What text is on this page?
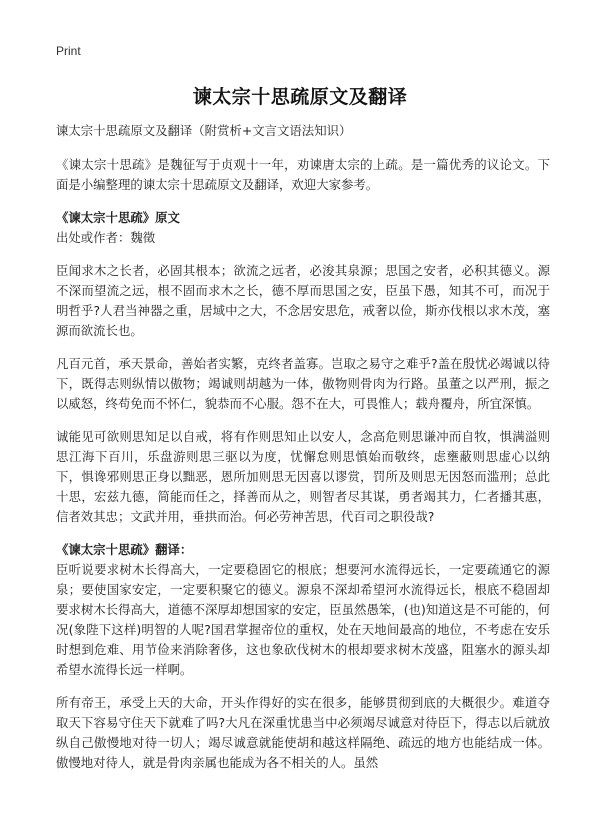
Print
谏太宗十思疏原文及翻译

谏太宗十思疏原文及翻译（附赏析+文言文语法知识）

《谏太宗十思疏》是魏征写于贞观十一年，劝谏唐太宗的上疏。是一篇优秀的议论文。下面是小编整理的谏太宗十思疏原文及翻译，欢迎大家参考。

《谏太宗十思疏》原文

出处或作者：魏徵

臣闻求木之长者，必固其根本；欲流之远者，必浚其泉源；思国之安者，必积其德义。源不深而望流之远，根不固而求木之长，德不厚而思国之安，臣虽下愚，知其不可，而况于明哲乎?人君当神器之重，居域中之大，不念居安思危，戒奢以俭，斯亦伐根以求木茂，塞源而欲流长也。

凡百元首，承天景命，善始者实繁，克终者盖寡。岂取之易守之难乎?盖在殷忧必竭诚以待下，既得志则纵情以傲物；竭诚则胡越为一体，傲物则骨肉为行路。虽董之以严刑，振之以威怒，终苟免而不怀仁，貌恭而不心服。怨不在大，可畏惟人；载舟覆舟，所宜深慎。

诚能见可欲则思知足以自戒，将有作则思知止以安人，念高危则思谦冲而自牧，惧满溢则思江海下百川，乐盘游则思三驱以为度，忧懈怠则思慎始而敬终，虑壅蔽则思虚心以纳下，惧谗邪则思正身以黜恶，恩所加则思无因喜以谬赏，罚所及则思无因怒而滥刑；总此十思，宏兹九德，简能而任之，择善而从之，则智者尽其谋，勇者竭其力，仁者播其惠，信者效其忠；文武并用，垂拱而治。何必劳神苦思，代百司之职役哉?

《谏太宗十思疏》翻译：

臣听说要求树木长得高大，一定要稳固它的根底；想要河水流得远长，一定要疏通它的源泉；要使国家安定，一定要积聚它的德义。源泉不深却希望河水流得远长，根底不稳固却要求树木长得高大，道德不深厚却想国家的安定，臣虽然愚笨，(也)知道这是不可能的，何况(象陛下这样)明智的人呢?国君掌握帝位的重权，处在天地间最高的地位，不考虑在安乐时想到危难、用节俭来消除奢侈，这也象砍伐树木的根却要求树木茂盛，阻塞水的源头却希望水流得长远一样啊。

所有帝王，承受上天的大命，开头作得好的实在很多，能够贯彻到底的大概很少。难道夺取天下容易守住天下就难了吗?大凡在深重忧患当中必须竭尽诚意对待臣下，得志以后就放纵自己傲慢地对待一切人；竭尽诚意就能使胡和越这样隔绝、疏远的地方也能结成一体。傲慢地对待人，就是骨肉亲属也能成为各不相关的人。虽然
